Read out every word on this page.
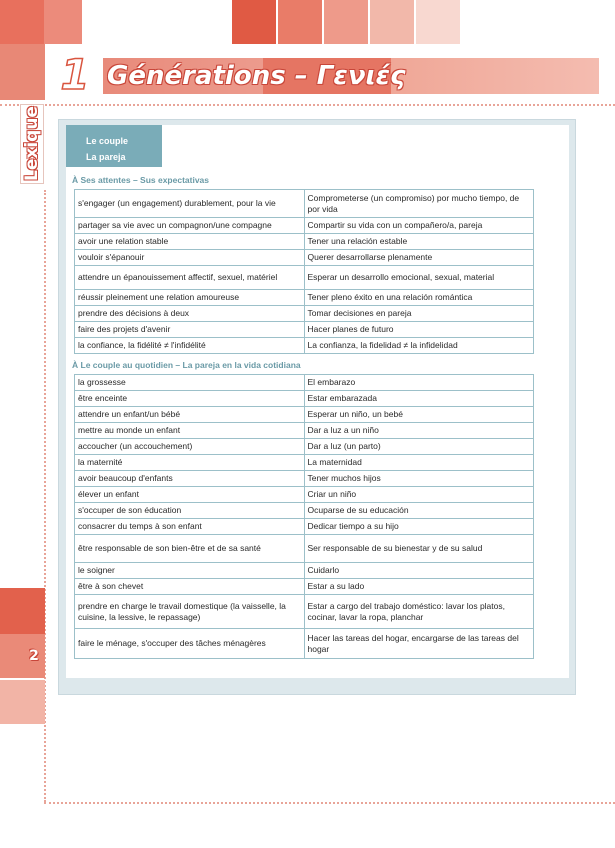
1 Générations – Γενιές
Lexique
2
Le couple
La pareja
À Ses attentes – Sus expectativas
s'engager (un engagement) durablement, pour la vie	Comprometerse (un compromiso) por mucho tiempo, de por vida
partager sa vie avec un compagnon/une compagne	Compartir su vida con un compañero/a, pareja
avoir une relation stable	Tener una relación estable
vouloir s'épanouir	Querer desarrollarse plenamente
attendre un épanouissement affectif, sexuel, matériel	Esperar un desarrollo emocional, sexual, material
réussir pleinement une relation amoureuse	Tener pleno éxito en una relación romántica
prendre des décisions à deux	Tomar decisiones en pareja
faire des projets d'avenir	Hacer planes de futuro
la confiance, la fidélité ≠ l'infidélité	La confianza, la fidelidad ≠ la infidelidad
À Le couple au quotidien – La pareja en la vida cotidiana
la grossesse	El embarazo
être enceinte	Estar embarazada
attendre un enfant/un bébé	Esperar un niño, un bebé
mettre au monde un enfant	Dar a luz a un niño
accoucher (un accouchement)	Dar a luz (un parto)
la maternité	La maternidad
avoir beaucoup d'enfants	Tener muchos hijos
élever un enfant	Criar un niño
s'occuper de son éducation	Ocuparse de su educación
consacrer du temps à son enfant	Dedicar tiempo a su hijo
être responsable de son bien-être et de sa santé	Ser responsable de su bienestar y de su salud
le soigner	Cuidarlo
être à son chevet	Estar a su lado
prendre en charge le travail domestique (la vaisselle, la cuisine, la lessive, le repassage)	Estar a cargo del trabajo doméstico: lavar los platos, cocinar, lavar la ropa, planchar
faire le ménage, s'occuper des tâches ménagères	Hacer las tareas del hogar, encargarse de las tareas del hogar
